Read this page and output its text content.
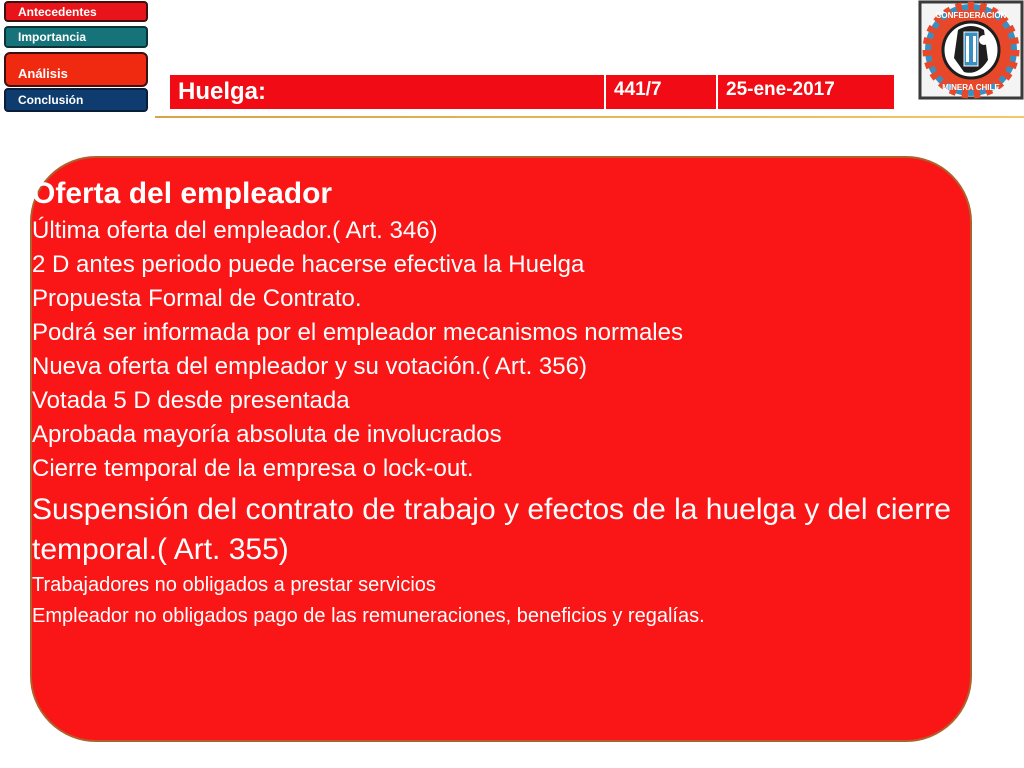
Antecedentes
Importancia
Análisis
Conclusión	Huelga:	441/7	25-ene-2017
CONFEDERACIÓN
MINERA CHILE
• Oferta del empleador
• Última oferta del empleador.( Art. 346)
• 2 D antes periodo puede hacerse efectiva la Huelga
• Propuesta Formal de Contrato.
• Podrá ser informada por el empleador mecanismos normales
• Nueva oferta del empleador y su votación.( Art. 356)
• Votada 5 D desde presentada
• Aprobada mayoría absoluta de involucrados
• Cierre temporal de la empresa o lock-out.
• Suspensión del contrato de trabajo y efectos de la huelga y del cierre temporal.( Art. 355)
• Trabajadores no obligados a prestar servicios
• Empleador no obligados pago de las remuneraciones, beneficios y regalías.
